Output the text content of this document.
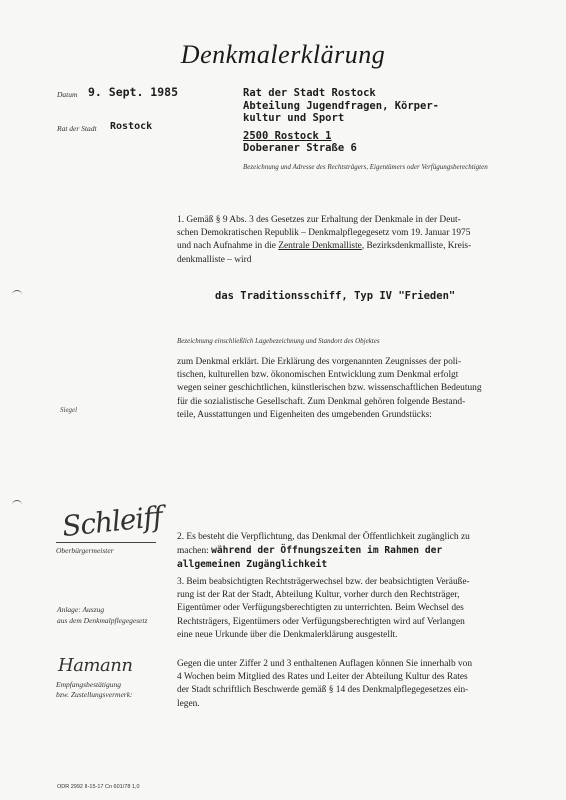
Denkmalerklärung
Datum 9. Sept. 1985
Rat der Stadt Rostock
Rat der Stadt Rostock
Abteilung Jugendfragen, Körper-
kultur und Sport
2500 Rostock 1
Doberaner Straße 6
Bezeichnung und Adresse des Rechtsträgers, Eigentümers oder Verfügungsberechtigten

1. Gemäß § 9 Abs. 3 des Gesetzes zur Erhaltung der Denkmale in der Deut-

schen Demokratischen Republik – Denkmalpflegegesetz vom 19. Januar 1975

und nach Aufnahme in die Zentrale Denkmalliste, Bezirksdenkmalliste, Kreis-

denkmalliste – wird

das Traditionsschiff, Typ IV "Frieden"
Bezeichnung einschließlich Lagebezeichnung und Standort des Objektes

zum Denkmal erklärt. Die Erklärung des vorgenannten Zeugnisses der poli-

tischen, kulturellen bzw. ökonomischen Entwicklung zum Denkmal erfolgt

wegen seiner geschichtlichen, künstlerischen bzw. wissenschaftlichen Bedeutung

für die sozialistische Gesellschaft. Zum Denkmal gehören folgende Bestand-

teile, Ausstattungen und Eigenheiten des umgebenden Grundstücks:

Siegel
Schleiff
Oberbürgermeister

2. Es besteht die Verpflichtung, das Denkmal der Öffentlichkeit zugänglich zu

machen: während der Öffnungszeiten im Rahmen der

allgemeinen Zugänglichkeit

Anlage: Auszug
aus dem Denkmalpflegegesetz

3. Beim beabsichtigten Rechtsträgerwechsel bzw. der beabsichtigten Veräuße-

rung ist der Rat der Stadt, Abteilung Kultur, vorher durch den Rechtsträger,

Eigentümer oder Verfügungsberechtigten zu unterrichten. Beim Wechsel des

Rechtsträgers, Eigentümers oder Verfügungsberechtigten wird auf Verlangen

eine neue Urkunde über die Denkmalerklärung ausgestellt.

Hamann
Empfangsbestätigung
bzw. Zustellungsvermerk:

Gegen die unter Ziffer 2 und 3 enthaltenen Auflagen können Sie innerhalb von

4 Wochen beim Mitglied des Rates und Leiter der Abteilung Kultur des Rates

der Stadt schriftlich Beschwerde gemäß § 14 des Denkmalpflegegesetzes ein-

legen.

ODR 2992 II-15-17 Cn 601/78 1,0
